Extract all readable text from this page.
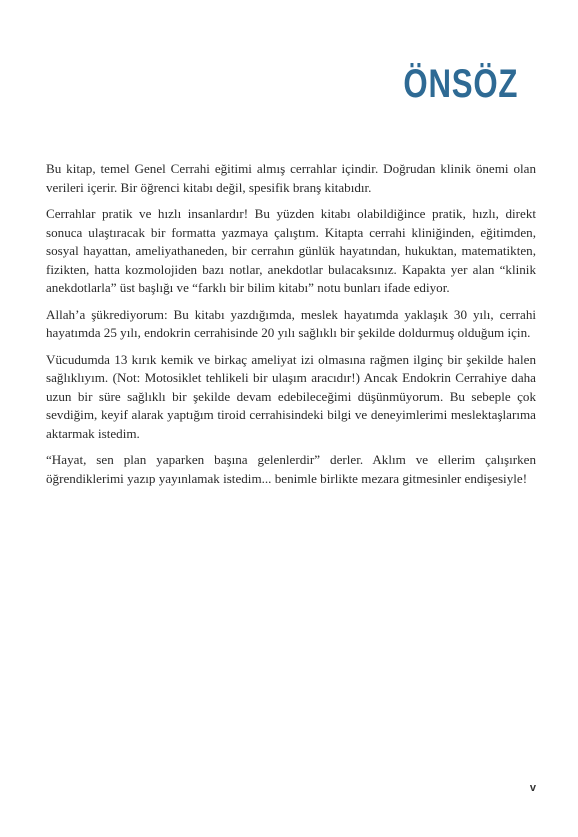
ÖNSÖZ

Bu kitap, temel Genel Cerrahi eğitimi almış cerrahlar içindir. Doğrudan klinik önemi olan verileri içerir. Bir öğrenci kitabı değil, spesifik branş kitabıdır.

Cerrahlar pratik ve hızlı insanlardır! Bu yüzden kitabı olabildiğince pratik, hızlı, direkt sonuca ulaştıracak bir formatta yazmaya çalıştım. Kitapta cerrahi kliniğinden, eğitimden, sosyal hayattan, ameliyathaneden, bir cerrahın günlük hayatından, hukuktan, matematikten, fizikten, hatta kozmolojiden bazı notlar, anekdotlar bulacaksınız. Kapakta yer alan “klinik anekdotlarla” üst başlığı ve “farklı bir bilim kitabı” notu bunları ifade ediyor.

Allah’a şükrediyorum: Bu kitabı yazdığımda, meslek hayatımda yaklaşık 30 yılı, cerrahi hayatımda 25 yılı, endokrin cerrahisinde 20 yılı sağlıklı bir şekilde doldurmuş olduğum için.

Vücudumda 13 kırık kemik ve birkaç ameliyat izi olmasına rağmen ilginç bir şekilde halen sağlıklıyım. (Not: Motosiklet tehlikeli bir ulaşım aracıdır!) Ancak Endokrin Cerrahiye daha uzun bir süre sağlıklı bir şekilde devam edebileceğimi düşünmüyorum. Bu sebeple çok sevdiğim, keyif alarak yaptığım tiroid cerrahisindeki bilgi ve deneyimlerimi meslektaşlarıma aktarmak istedim.

“Hayat, sen plan yaparken başına gelenlerdir” derler. Aklım ve ellerim çalışırken öğrendiklerimi yazıp yayınlamak istedim... benimle birlikte mezara gitmesinler endişesiyle!

v
